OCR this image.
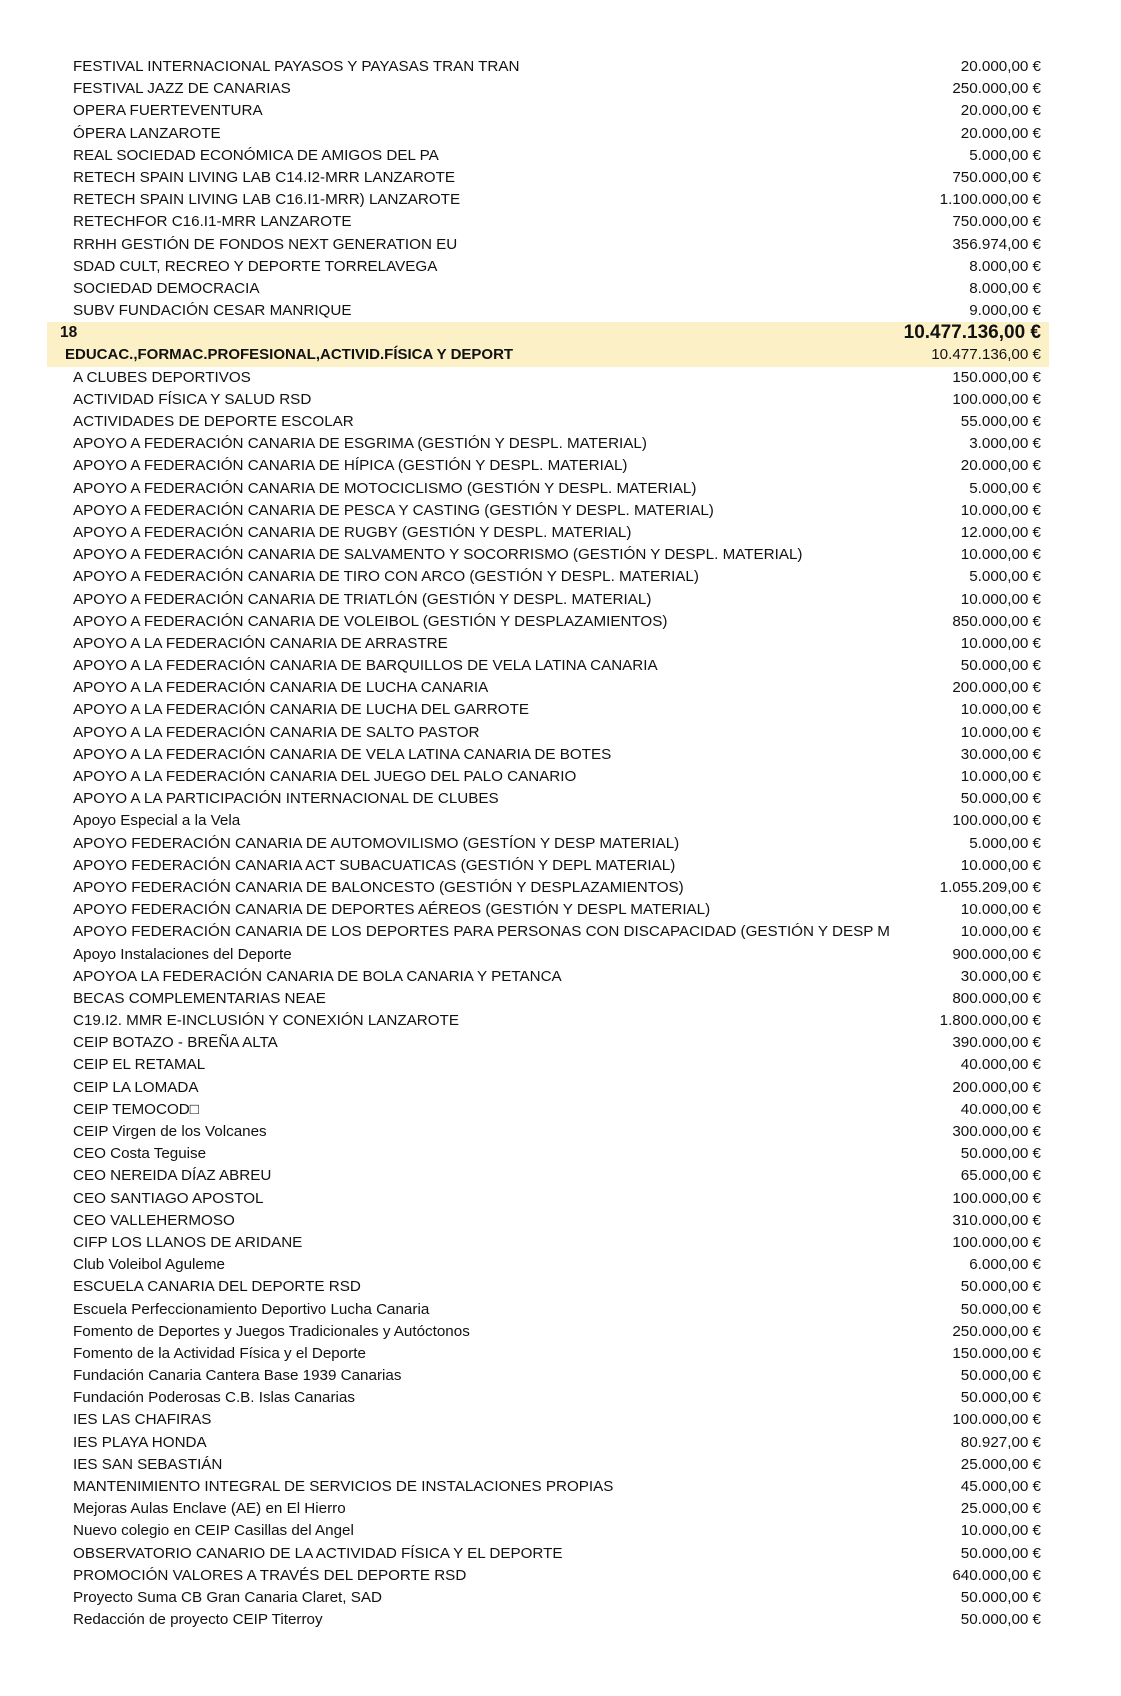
FESTIVAL INTERNACIONAL PAYASOS Y PAYASAS TRAN TRAN	20.000,00 €
FESTIVAL JAZZ DE CANARIAS	250.000,00 €
OPERA FUERTEVENTURA	20.000,00 €
ÓPERA LANZAROTE	20.000,00 €
REAL SOCIEDAD ECONÓMICA DE AMIGOS DEL PA	5.000,00 €
RETECH SPAIN LIVING LAB C14.I2-MRR LANZAROTE	750.000,00 €
RETECH SPAIN LIVING LAB C16.I1-MRR) LANZAROTE	1.100.000,00 €
RETECHFOR C16.I1-MRR LANZAROTE	750.000,00 €
RRHH GESTIÓN DE FONDOS NEXT GENERATION EU	356.974,00 €
SDAD CULT, RECREO Y DEPORTE TORRELAVEGA	8.000,00 €
SOCIEDAD DEMOCRACIA	8.000,00 €
SUBV FUNDACIÓN CESAR MANRIQUE	9.000,00 €
18	10.477.136,00 €
EDUCAC.,FORMAC.PROFESIONAL,ACTIVID.FÍSICA Y DEPORT	10.477.136,00 €
A CLUBES DEPORTIVOS	150.000,00 €
ACTIVIDAD FÍSICA Y SALUD RSD	100.000,00 €
ACTIVIDADES DE DEPORTE ESCOLAR	55.000,00 €
APOYO A FEDERACIÓN CANARIA DE ESGRIMA (GESTIÓN Y DESPL. MATERIAL)	3.000,00 €
APOYO A FEDERACIÓN CANARIA DE HÍPICA (GESTIÓN Y DESPL. MATERIAL)	20.000,00 €
APOYO A FEDERACIÓN CANARIA DE MOTOCICLISMO (GESTIÓN Y DESPL. MATERIAL)	5.000,00 €
APOYO A FEDERACIÓN CANARIA DE PESCA Y CASTING (GESTIÓN Y DESPL. MATERIAL)	10.000,00 €
APOYO A FEDERACIÓN CANARIA DE RUGBY (GESTIÓN Y DESPL. MATERIAL)	12.000,00 €
APOYO A FEDERACIÓN CANARIA DE SALVAMENTO Y SOCORRISMO (GESTIÓN Y DESPL. MATERIAL)	10.000,00 €
APOYO A FEDERACIÓN CANARIA DE TIRO CON ARCO (GESTIÓN Y DESPL. MATERIAL)	5.000,00 €
APOYO A FEDERACIÓN CANARIA DE TRIATLÓN (GESTIÓN Y DESPL. MATERIAL)	10.000,00 €
APOYO A FEDERACIÓN CANARIA DE VOLEIBOL (GESTIÓN Y DESPLAZAMIENTOS)	850.000,00 €
APOYO A LA FEDERACIÓN CANARIA DE ARRASTRE	10.000,00 €
APOYO A LA FEDERACIÓN CANARIA DE BARQUILLOS DE VELA LATINA CANARIA	50.000,00 €
APOYO A LA FEDERACIÓN CANARIA DE LUCHA CANARIA	200.000,00 €
APOYO A LA FEDERACIÓN CANARIA DE LUCHA DEL GARROTE	10.000,00 €
APOYO A LA FEDERACIÓN CANARIA DE SALTO PASTOR	10.000,00 €
APOYO A LA FEDERACIÓN CANARIA DE VELA LATINA CANARIA DE BOTES	30.000,00 €
APOYO A LA FEDERACIÓN CANARIA DEL JUEGO DEL PALO CANARIO	10.000,00 €
APOYO A LA PARTICIPACIÓN INTERNACIONAL DE CLUBES	50.000,00 €
Apoyo Especial a la Vela	100.000,00 €
APOYO FEDERACIÓN CANARIA DE AUTOMOVILISMO (GESTÍON Y DESP MATERIAL)	5.000,00 €
APOYO FEDERACIÓN CANARIA ACT SUBACUATICAS (GESTIÓN Y DEPL MATERIAL)	10.000,00 €
APOYO FEDERACIÓN CANARIA DE BALONCESTO (GESTIÓN Y DESPLAZAMIENTOS)	1.055.209,00 €
APOYO FEDERACIÓN CANARIA DE DEPORTES AÉREOS (GESTIÓN Y DESPL MATERIAL)	10.000,00 €
APOYO FEDERACIÓN CANARIA DE LOS DEPORTES PARA PERSONAS CON DISCAPACIDAD (GESTIÓN Y DESP M	10.000,00 €
Apoyo Instalaciones del Deporte	900.000,00 €
APOYOA LA FEDERACIÓN CANARIA DE BOLA CANARIA Y PETANCA	30.000,00 €
BECAS COMPLEMENTARIAS NEAE	800.000,00 €
C19.I2. MMR E-INCLUSIÓN Y CONEXIÓN LANZAROTE	1.800.000,00 €
CEIP BOTAZO - BREÑA ALTA	390.000,00 €
CEIP EL RETAMAL	40.000,00 €
CEIP LA LOMADA	200.000,00 €
CEIP TEMOCOD□	40.000,00 €
CEIP Virgen de los Volcanes	300.000,00 €
CEO Costa Teguise	50.000,00 €
CEO NEREIDA DÍAZ ABREU	65.000,00 €
CEO SANTIAGO APOSTOL	100.000,00 €
CEO VALLEHERMOSO	310.000,00 €
CIFP LOS LLANOS DE ARIDANE	100.000,00 €
Club Voleibol Aguleme	6.000,00 €
ESCUELA CANARIA DEL DEPORTE RSD	50.000,00 €
Escuela Perfeccionamiento Deportivo Lucha Canaria	50.000,00 €
Fomento de Deportes y Juegos Tradicionales y Autóctonos	250.000,00 €
Fomento de la Actividad Física y el Deporte	150.000,00 €
Fundación Canaria Cantera Base 1939 Canarias	50.000,00 €
Fundación Poderosas C.B. Islas Canarias	50.000,00 €
IES LAS CHAFIRAS	100.000,00 €
IES PLAYA HONDA	80.927,00 €
IES SAN SEBASTIÁN	25.000,00 €
MANTENIMIENTO INTEGRAL DE SERVICIOS DE INSTALACIONES PROPIAS	45.000,00 €
Mejoras Aulas Enclave (AE) en El Hierro	25.000,00 €
Nuevo colegio en CEIP Casillas del Angel	10.000,00 €
OBSERVATORIO CANARIO DE LA ACTIVIDAD FÍSICA Y EL DEPORTE	50.000,00 €
PROMOCIÓN VALORES A TRAVÉS DEL DEPORTE RSD	640.000,00 €
Proyecto Suma CB Gran Canaria Claret, SAD	50.000,00 €
Redacción de proyecto CEIP Titerroy	50.000,00 €
